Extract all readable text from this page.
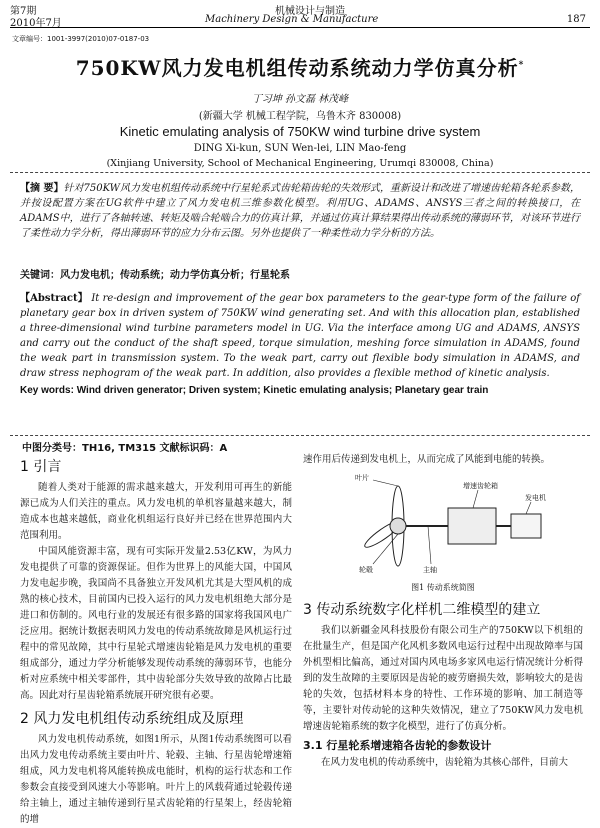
第7期
2010年7月
机械设计与制造
Machinery Design & Manufacture	187
文章编号：1001-3997(2010)07-0187-03
750KW风力发电机组传动系统动力学仿真分析*
丁习坤 孙文磊 林茂峰
(新疆大学 机械工程学院，乌鲁木齐 830008)
Kinetic emulating analysis of 750KW wind turbine drive system
DING Xi-kun, SUN Wen-lei, LIN Mao-feng
(Xinjiang University, School of Mechanical Engineering, Urumqi 830008, China)

【摘 要】针对750KW风力发电机组传动系统中行星轮系式齿轮箱齿轮的失效形式，重新设计和改进了增速齿轮箱各轮系参数，并按设配置方案在UG软件中建立了风力发电机三维参数化模型。利用UG、ADAMS、ANSYS三者之间的转换接口，在ADAMS中，进行了各轴转速、转矩及啮合轮啮合力的仿真计算，并通过仿真计算结果得出传动系统的薄弱环节，对该环节进行了柔性动力学分析，得出薄弱环节的应力分布云图。另外也提供了一种柔性动力学分析的方法。

关键词：风力发电机；传动系统；动力学仿真分析；行星轮系

【Abstract】 It re-design and improvement of the gear box parameters to the gear-type form of the failure of planetary gear box in driven system of 750KW wind generating set. And with this allocation plan, established a three-dimensional wind turbine parameters model in UG. Via the interface among UG and ADAMS, ANSYS and carry out the conduct of the shaft speed, torque simulation, meshing force simulation in ADAMS, found the weak part in transmission system. To the weak part, carry out flexible body simulation in ADAMS, and draw stress nephogram of the weak part. In addition, also provides a flexible method of kinetic analysis.

Key words: Wind driven generator; Driven system; Kinetic emulating analysis; Planetary gear train

中图分类号：TH16, TM315 文献标识码：A
1 引言

随着人类对于能源的需求越来越大，开发利用可再生的新能源已成为人们关注的重点。风力发电机的单机容量越来越大，制造成本也越来越低，商业化机组运行良好并已经在世界范围内大范围利用。

中国风能资源丰富，现有可实际开发量2.53亿KW，为风力发电提供了可靠的资源保证。但作为世界上的风能大国，中国风力发电起步晚，我国尚不具备独立开发风机尤其是大型风机的成熟的核心技术，目前国内已投入运行的风力发电机组绝大部分是进口和仿制的。风电行业的发展还有很多路的国家将我国风电广泛应用。据统计数据表明风力发电的传动系统故障是风机运行过程中的常见故障，其中行星轮式增速齿轮箱是风力发电机的重要组成部分，通过力学分析能够发现传动系统的薄弱环节，也能分析对应系统中相关零部件，其中齿轮部分失效导致的故障占比最高。因此对行星齿轮箱系统展开研究很有必要。

2 风力发电机组传动系统组成及原理

风力发电机传动系统，如图1所示，从图1传动系统图可以看出风力发电传动系统主要由叶片、轮毂、主轴、行星齿轮增速箱组成，风力发电机将风能转换成电能时，机构的运行状态和工作参数会直接受到风速大小等影响。叶片上的风载荷通过轮毂传递给主轴上，通过主轴传递到行星式齿轮箱的行星架上，经齿轮箱的增

速作用后传递到发电机上，从而完成了风能到电能的转换。

增速齿轮箱
发电机
叶片
轮毂	主轴
图1 传动系统简图
3 传动系统数字化样机二维模型的建立

我们以新疆金风科技股份有限公司生产的750KW以下机组的在批量生产，但是国产化风机多数风电运行过程中出现故障率与国外机型相比偏高，通过对国内风电场多家风电运行情况统计分析得到的发生故障的主要原因是齿轮的疲劳磨损失效，影响较大的是齿轮的失效，包括材料本身的特性、工作环境的影响、加工制造等等，主要针对传动轮的这种失效情况，建立了750KW风力发电机增速齿轮箱系统的数字化模型，进行了仿真分析。

3.1 行星轮系增速箱各齿轮的参数设计

在风力发电机的传动系统中，齿轮箱为其核心部件，目前大
